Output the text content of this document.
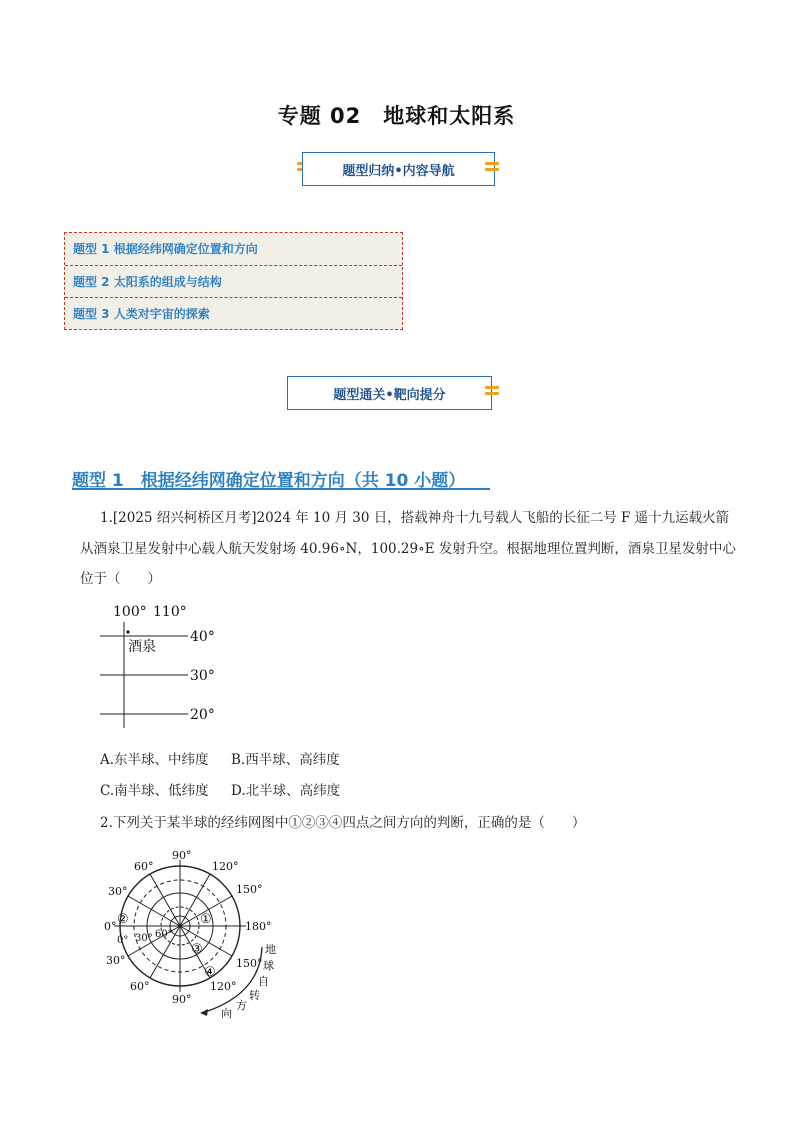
专题 02　地球和太阳系
题型归纳•内容导航
题型 1 根据经纬网确定位置和方向
题型 2 太阳系的组成与结构
题型 3 人类对宇宙的探索
题型通关•靶向提分
题型 1　根据经纬网确定位置和方向（共 10 小题）
1.[2025 绍兴柯桥区月考]2024 年 10 月 30 日，搭载神舟十九号载人飞船的长征二号 F 遥十九运载火箭
从酒泉卫星发射中心载人航天发射场 40.96∘N，100.29∘E 发射升空。根据地理位置判断，酒泉卫星发射中心
位于（　　）
100° 110°
酒泉
40°
30°
20°
A.东半球、中纬度 B.西半球、高纬度
C.南半球、低纬度 D.北半球、高纬度
2.下列关于某半球的经纬网图中①②③④四点之间方向的判断，正确的是（　　）
90°
120°
150°
180°
150°
120°
90°
60°
30°
0°
30°
60°
0° 30° 60°
①
②
③
④
地
球
自
转
方
向
地球自转方向
